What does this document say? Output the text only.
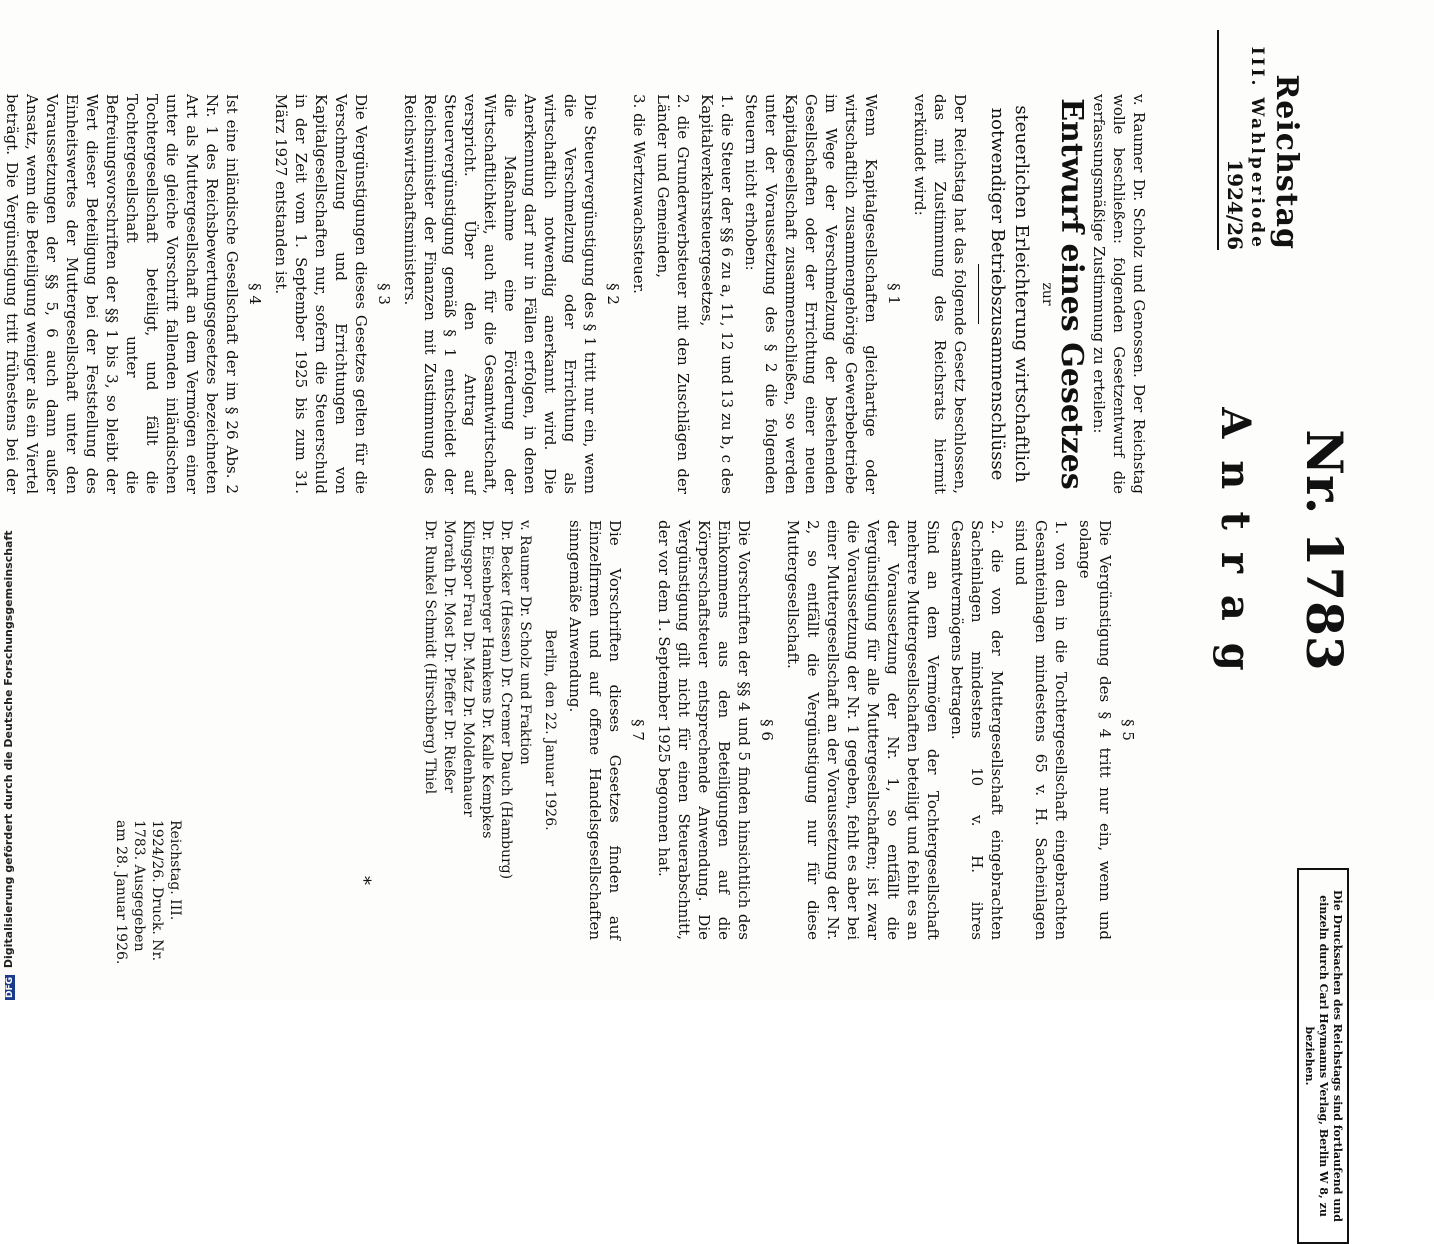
Reichstag
III. Wahlperiode
1924/26
Nr. 1783
Antrag

v. Raumer Dr. Scholz und Genossen. Der Reichstag wolle beschließen: folgenden Gesetzentwurf die verfassungsmäßige Zustimmung zu erteilen:

Entwurf eines Gesetzes
zur
steuerlichen Erleichterung wirtschaftlich notwendiger Betriebszusammenschlüsse

Der Reichstag hat das folgende Gesetz beschlossen, das mit Zustimmung des Reichsrats hiermit verkündet wird:

§ 1

Wenn Kapitalgesellschaften gleichartige oder wirtschaftlich zusammengehörige Gewerbebetriebe im Wege der Verschmelzung der bestehenden Gesellschaften oder der Errichtung einer neuen Kapitalgesellschaft zusammenschließen, so werden unter der Voraussetzung des § 2 die folgenden Steuern nicht erhoben:

1. die Steuer der §§ 6 zu a, 11, 12 und 13 zu b, c des Kapitalverkehrsteuergesetzes,

2. die Grunderwerbsteuer mit den Zuschlägen der Länder und Gemeinden,

3. die Wertzuwachssteuer.

§ 2

Die Steuervergünstigung des § 1 tritt nur ein, wenn die Verschmelzung oder Errichtung als wirtschaftlich notwendig anerkannt wird. Die Anerkennung darf nur in Fällen erfolgen, in denen die Maßnahme eine Förderung der Wirtschaftlichkeit, auch für die Gesamtwirtschaft, verspricht. Über den Antrag auf Steuervergünstigung gemäß § 1 entscheidet der Reichsminister der Finanzen mit Zustimmung des Reichswirtschaftsministers.

§ 3

Die Vergünstigungen dieses Gesetzes gelten für die Verschmelzung und Errichtungen von Kapitalgesellschaften nur, sofern die Steuerschuld in der Zeit vom 1. September 1925 bis zum 31. März 1927 entstanden ist.

§ 4

Ist eine inländische Gesellschaft der im § 26 Abs. 2 Nr. 1 des Reichsbewertungsgesetzes bezeichneten Art als Muttergesellschaft an dem Vermögen einer unter die gleiche Vorschrift fallenden inländischen Tochtergesellschaft beteiligt, und fällt die Tochtergesellschaft unter die Befreiungsvorschriften der §§ 1 bis 3, so bleibt der Wert dieser Beteiligung bei der Feststellung des Einheitswertes der Muttergesellschaft unter den Voraussetzungen der §§ 5, 6 auch dann außer Ansatz, wenn die Beteiligung weniger als ein Viertel beträgt. Die Vergünstigung tritt frühestens bei der

§ 5

Die Vergünstigung des § 4 tritt nur ein, wenn und solange

1. von den in die Tochtergesellschaft eingebrachten Gesamteinlagen mindestens 65 v. H. Sacheinlagen sind und

2. die von der Muttergesellschaft eingebrachten Sacheinlagen mindestens 10 v. H. ihres Gesamtvermögens betragen.

Sind an dem Vermögen der Tochtergesellschaft mehrere Muttergesellschaften beteiligt und fehlt es an der Voraussetzung der Nr. 1, so entfällt die Vergünstigung für alle Muttergesellschaften; ist zwar die Voraussetzung der Nr. 1 gegeben, fehlt es aber bei einer Muttergesellschaft an der Voraussetzung der Nr. 2, so entfällt die Vergünstigung nur für diese Muttergesellschaft.

§ 6

Die Vorschriften der §§ 4 und 5 finden hinsichtlich des Einkommens aus den Beteiligungen auf die Körperschaftsteuer entsprechende Anwendung. Die Vergünstigung gilt nicht für einen Steuerabschnitt, der vor dem 1. September 1925 begonnen hat.

§ 7

Die Vorschriften dieses Gesetzes finden auf Einzelfirmen und auf offene Handelsgesellschaften sinngemäße Anwendung.

Berlin, den 22. Januar 1926.
v. Raumer Dr. Scholz und Fraktion
Dr. Becker (Hessen) Dr. Cremer Dauch (Hamburg)
Dr. Eisenberger Hamkens Dr. Kalle Kempkes
Klingspor Frau Dr. Matz Dr. Moldenhauer
Morath Dr. Most Dr. Pfeffer Dr. Rießer
Dr. Runkel Schmidt (Hirschberg) Thiel
Die Drucksachen des Reichstags sind fortlaufend und einzeln durch Carl Heymanns Verlag, Berlin W 8, zu beziehen.
Reichstag. III. 1924/26. Druck. Nr. 1783. Ausgegeben am 28. Januar 1926.	*
DFG Digitalisierung gefördert durch die Deutsche Forschungsgemeinschaft
